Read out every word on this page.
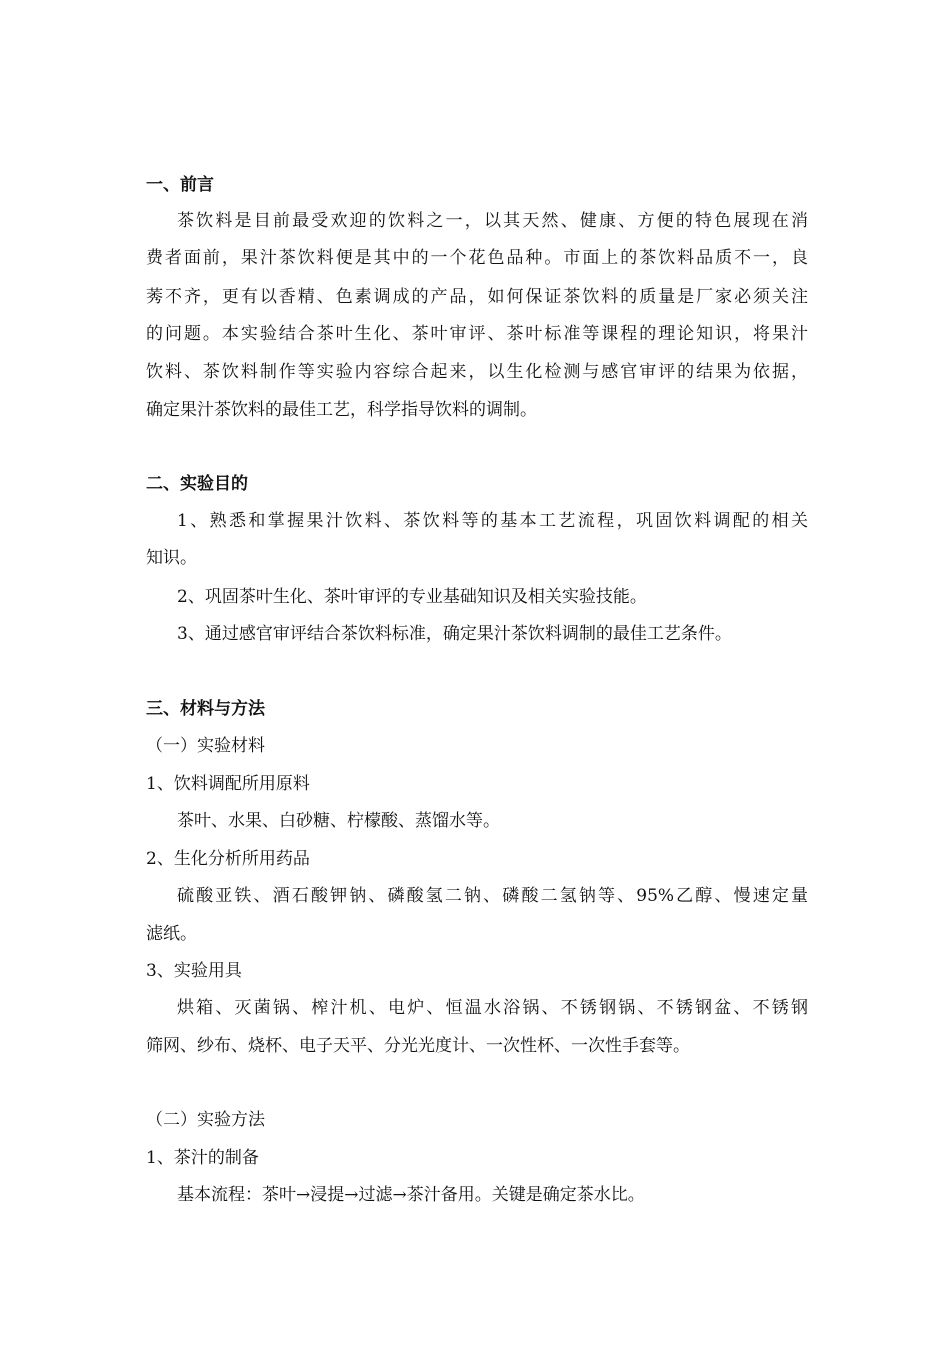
一、前言
茶饮料是目前最受欢迎的饮料之一，以其天然、健康、方便的特色展现在消
费者面前，果汁茶饮料便是其中的一个花色品种。市面上的茶饮料品质不一，良
莠不齐，更有以香精、色素调成的产品，如何保证茶饮料的质量是厂家必须关注
的问题。本实验结合茶叶生化、茶叶审评、茶叶标准等课程的理论知识，将果汁
饮料、茶饮料制作等实验内容综合起来，以生化检测与感官审评的结果为依据，
确定果汁茶饮料的最佳工艺，科学指导饮料的调制。
二、实验目的
1、熟悉和掌握果汁饮料、茶饮料等的基本工艺流程，巩固饮料调配的相关
知识。
2、巩固茶叶生化、茶叶审评的专业基础知识及相关实验技能。
3、通过感官审评结合茶饮料标准，确定果汁茶饮料调制的最佳工艺条件。
三、材料与方法
（一）实验材料
1、饮料调配所用原料
茶叶、水果、白砂糖、柠檬酸、蒸馏水等。
2、生化分析所用药品
硫酸亚铁、酒石酸钾钠、磷酸氢二钠、磷酸二氢钠等、95%乙醇、慢速定量
滤纸。
3、实验用具
烘箱、灭菌锅、榨汁机、电炉、恒温水浴锅、不锈钢锅、不锈钢盆、不锈钢
筛网、纱布、烧杯、电子天平、分光光度计、一次性杯、一次性手套等。
（二）实验方法
1、茶汁的制备
基本流程：茶叶→浸提→过滤→茶汁备用。关键是确定茶水比。
